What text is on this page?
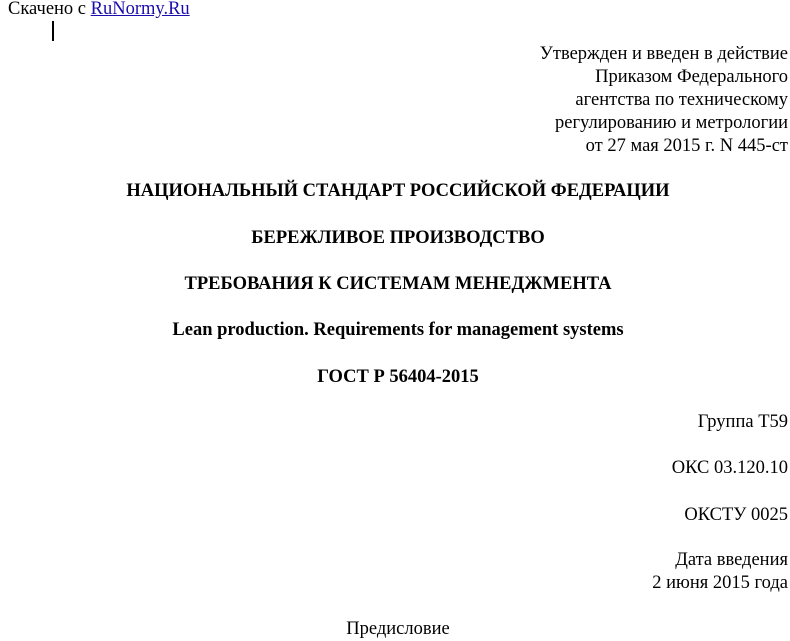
Скачено с RuNormy.Ru
Утвержден и введен в действие
Приказом Федерального
агентства по техническому
регулированию и метрологии
от 27 мая 2015 г. N 445-ст
НАЦИОНАЛЬНЫЙ СТАНДАРТ РОССИЙСКОЙ ФЕДЕРАЦИИ
БЕРЕЖЛИВОЕ ПРОИЗВОДСТВО
ТРЕБОВАНИЯ К СИСТЕМАМ МЕНЕДЖМЕНТА
Lean production. Requirements for management systems
ГОСТ Р 56404-2015
Группа Т59
ОКС 03.120.10
ОКСТУ 0025
Дата введения
2 июня 2015 года
Предисловие
